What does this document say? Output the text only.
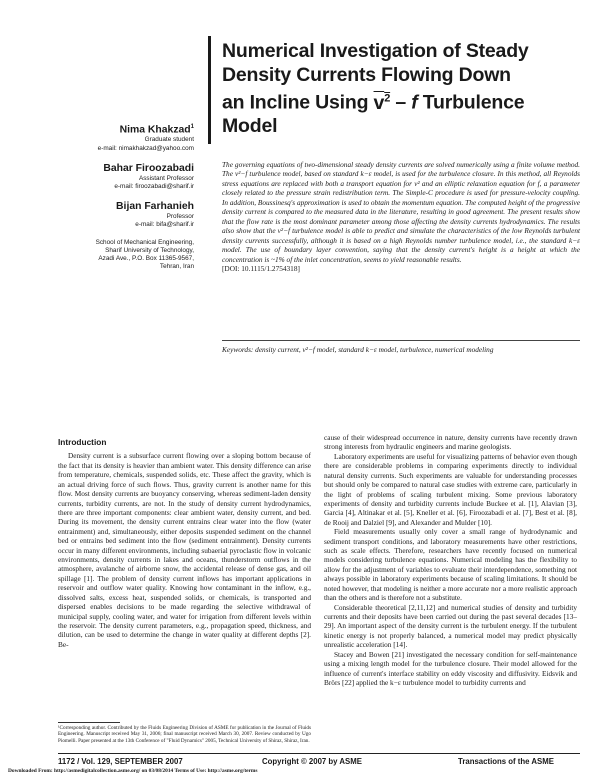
Numerical Investigation of Steady
Density Currents Flowing Down
an Incline Using $v^2$ – f Turbulence
Model
Nima Khakzad$^1$
Graduate student
e-mail: nimakhakzad@yahoo.com
Bahar Firoozabadi
Assistant Professor
e-mail: firoozabadi@sharif.ir
Bijan Farhanieh
Professor
e-mail: bifa@sharif.ir
School of Mechanical Engineering,
Sharif University of Technology,
Azadi Ave., P.O. Box 11365-9567,
Tehran, Iran
The governing equations of two-dimensional steady density currents are solved numerically using a finite volume method. The v²−f turbulence model, based on standard k−ε model, is used for the turbulence closure. In this method, all Reynolds stress equations are replaced with both a transport equation for v² and an elliptic relaxation equation for f, a parameter closely related to the pressure strain redistribution term. The Simple-C procedure is used for pressure-velocity coupling. In addition, Boussinesq's approximation is used to obtain the momentum equation. The computed height of the progressive density current is compared to the measured data in the literature, resulting in good agreement. The present results show that the flow rate is the most dominant parameter among those affecting the density currents hydrodynamics. The results also show that the v²−f turbulence model is able to predict and simulate the characteristics of the low Reynolds turbulent density currents successfully, although it is based on a high Reynolds number turbulence model, i.e., the standard k−ε model. The use of boundary layer convention, saying that the density current's height is a height at which the concentration is ~1% of the inlet concentration, seems to yield reasonable results.
[DOI: 10.1115/1.2754318]
Keywords: density current, v²−f model, standard k−ε model, turbulence, numerical modeling
Introduction

Density current is a subsurface current flowing over a sloping bottom because of the fact that its density is heavier than ambient water. This density difference can arise from temperature, chemicals, suspended solids, etc. These affect the gravity, which is an actual driving force of such flows. Thus, gravity current is another name for this flow. Most density currents are buoyancy conserving, whereas sediment-laden density currents, turbidity currents, are not. In the study of density current hydrodynamics, there are three important components: clear ambient water, density current, and bed. During its movement, the density current entrains clear water into the flow (water entrainment) and, simultaneously, either deposits suspended sediment on the channel bed or entrains bed sediment into the flow (sediment entrainment). Density currents occur in many different environments, including subaerial pyroclastic flow in volcanic environments, density currents in lakes and oceans, thunderstorm outflows in the atmosphere, avalanche of airborne snow, the accidental release of dense gas, and oil spillage [1]. The problem of density current inflows has important applications in reservoir and outflow water quality. Knowing how contaminant in the inflow, e.g., dissolved salts, excess heat, suspended solids, or chemicals, is transported and dispersed enables decisions to be made regarding the selective withdrawal of municipal supply, cooling water, and water for irrigation from different levels within the reservoir. The density current parameters, e.g., propagation speed, thickness, and dilution, can be used to determine the change in water quality at different depths [2]. Be-

cause of their widespread occurrence in nature, density currents have recently drawn strong interests from hydraulic engineers and marine geologists.

Laboratory experiments are useful for visualizing patterns of behavior even though there are considerable problems in comparing experiments directly to individual natural density currents. Such experiments are valuable for understanding processes but should only be compared to natural case studies with extreme care, particularly in the light of problems of scaling turbulent mixing. Some previous laboratory experiments of density and turbidity currents include Buckee et al. [1], Alavian [3], Garcia [4], Altinakar et al. [5], Kneller et al. [6], Firoozabadi et al. [7], Best et al. [8], de Rooij and Dalziel [9], and Alexander and Mulder [10].

Field measurements usually only cover a small range of hydrodynamic and sediment transport conditions, and laboratory measurements have other restrictions, such as scale effects. Therefore, researchers have recently focused on numerical models considering turbulence equations. Numerical modeling has the flexibility to allow for the adjustment of variables to evaluate their interdependence, something not always possible in laboratory experiments because of scaling limitations. It should be noted however, that modeling is neither a more accurate nor a more realistic approach than the others and is therefore not a substitute.

Considerable theoretical [2,11,12] and numerical studies of density and turbidity currents and their deposits have been carried out during the past several decades [13–29]. An important aspect of the density current is the turbulent energy. If the turbulent kinetic energy is not properly balanced, a numerical model may predict physically unrealistic acceleration [14].

Stacey and Bowen [21] investigated the necessary condition for self-maintenance using a mixing length model for the turbulence closure. Their model allowed for the influence of current's interface stability on eddy viscosity and diffusivity. Eidsvik and Brörs [22] applied the k−ε turbulence model to turbidity currents and

¹Corresponding author. Contributed by the Fluids Engineering Division of ASME for publication in the Journal of Fluids Engineering. Manuscript received May 31, 2006; final manuscript received March 30, 2007. Review conducted by Ugo Piomelli. Paper presented at the 13th Conference of "Fluid Dynamics" 2005, Technical University of Shiraz, Shiraz, Iran.
1172 / Vol. 129, SEPTEMBER 2007	Copyright © 2007 by ASME	Transactions of the ASME
Downloaded From: http://asmedigitalcollection.asme.org/ on 03/08/2014 Terms of Use: http://asme.org/terms
